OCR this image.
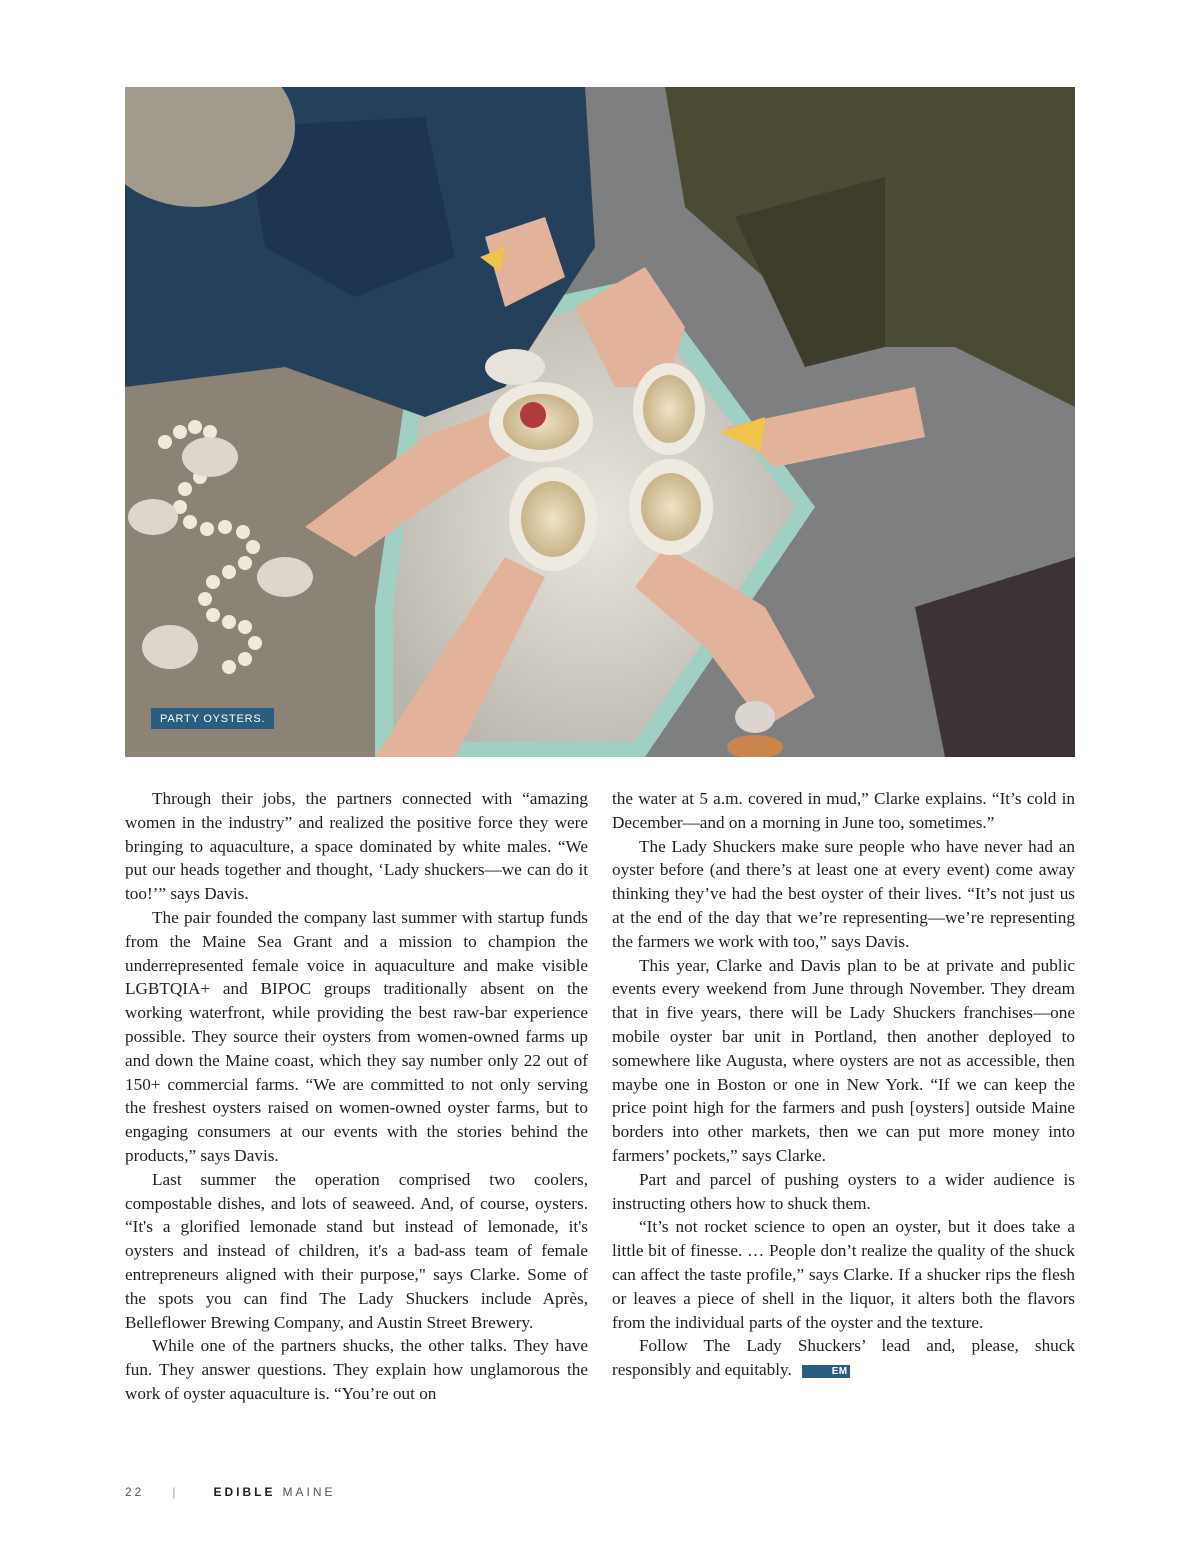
PARTY OYSTERS.

Through their jobs, the partners connected with “amazing women in the industry” and realized the positive force they were bringing to aquaculture, a space dominated by white males. “We put our heads together and thought, ‘Lady shuckers—we can do it too!’” says Davis.

The pair founded the company last summer with startup funds from the Maine Sea Grant and a mission to champion the underrepresented female voice in aquaculture and make visible LGBTQIA+ and BIPOC groups traditionally absent on the working waterfront, while providing the best raw-bar experience possible. They source their oysters from women-owned farms up and down the Maine coast, which they say number only 22 out of 150+ commercial farms. “We are committed to not only serving the freshest oysters raised on women-owned oyster farms, but to engaging consumers at our events with the stories behind the products,” says Davis.

Last summer the operation comprised two coolers, compostable dishes, and lots of seaweed. And, of course, oysters. “It's a glorified lemonade stand but instead of lemonade, it's oysters and instead of children, it's a bad-ass team of female entrepreneurs aligned with their purpose," says Clarke. Some of the spots you can find The Lady Shuckers include Après, Belleflower Brewing Company, and Austin Street Brewery.

While one of the partners shucks, the other talks. They have fun. They answer questions. They explain how unglamorous the work of oyster aquaculture is. “You’re out on

the water at 5 a.m. covered in mud,” Clarke explains. “It’s cold in December—and on a morning in June too, sometimes.”

The Lady Shuckers make sure people who have never had an oyster before (and there’s at least one at every event) come away thinking they’ve had the best oyster of their lives. “It’s not just us at the end of the day that we’re representing—we’re representing the farmers we work with too,” says Davis.

This year, Clarke and Davis plan to be at private and public events every weekend from June through November. They dream that in five years, there will be Lady Shuckers franchises—one mobile oyster bar unit in Portland, then another deployed to somewhere like Augusta, where oysters are not as accessible, then maybe one in Boston or one in New York. “If we can keep the price point high for the farmers and push [oysters] outside Maine borders into other markets, then we can put more money into farmers’ pockets,” says Clarke.

Part and parcel of pushing oysters to a wider audience is instructing others how to shuck them.

“It’s not rocket science to open an oyster, but it does take a little bit of finesse. … People don’t realize the quality of the shuck can affect the taste profile,” says Clarke. If a shucker rips the flesh or leaves a piece of shell in the liquor, it alters both the flavors from the individual parts of the oyster and the texture.

Follow The Lady Shuckers’ lead and, please, shuck responsibly and equitably.	EM

22 |	EDIBLE MAINE
